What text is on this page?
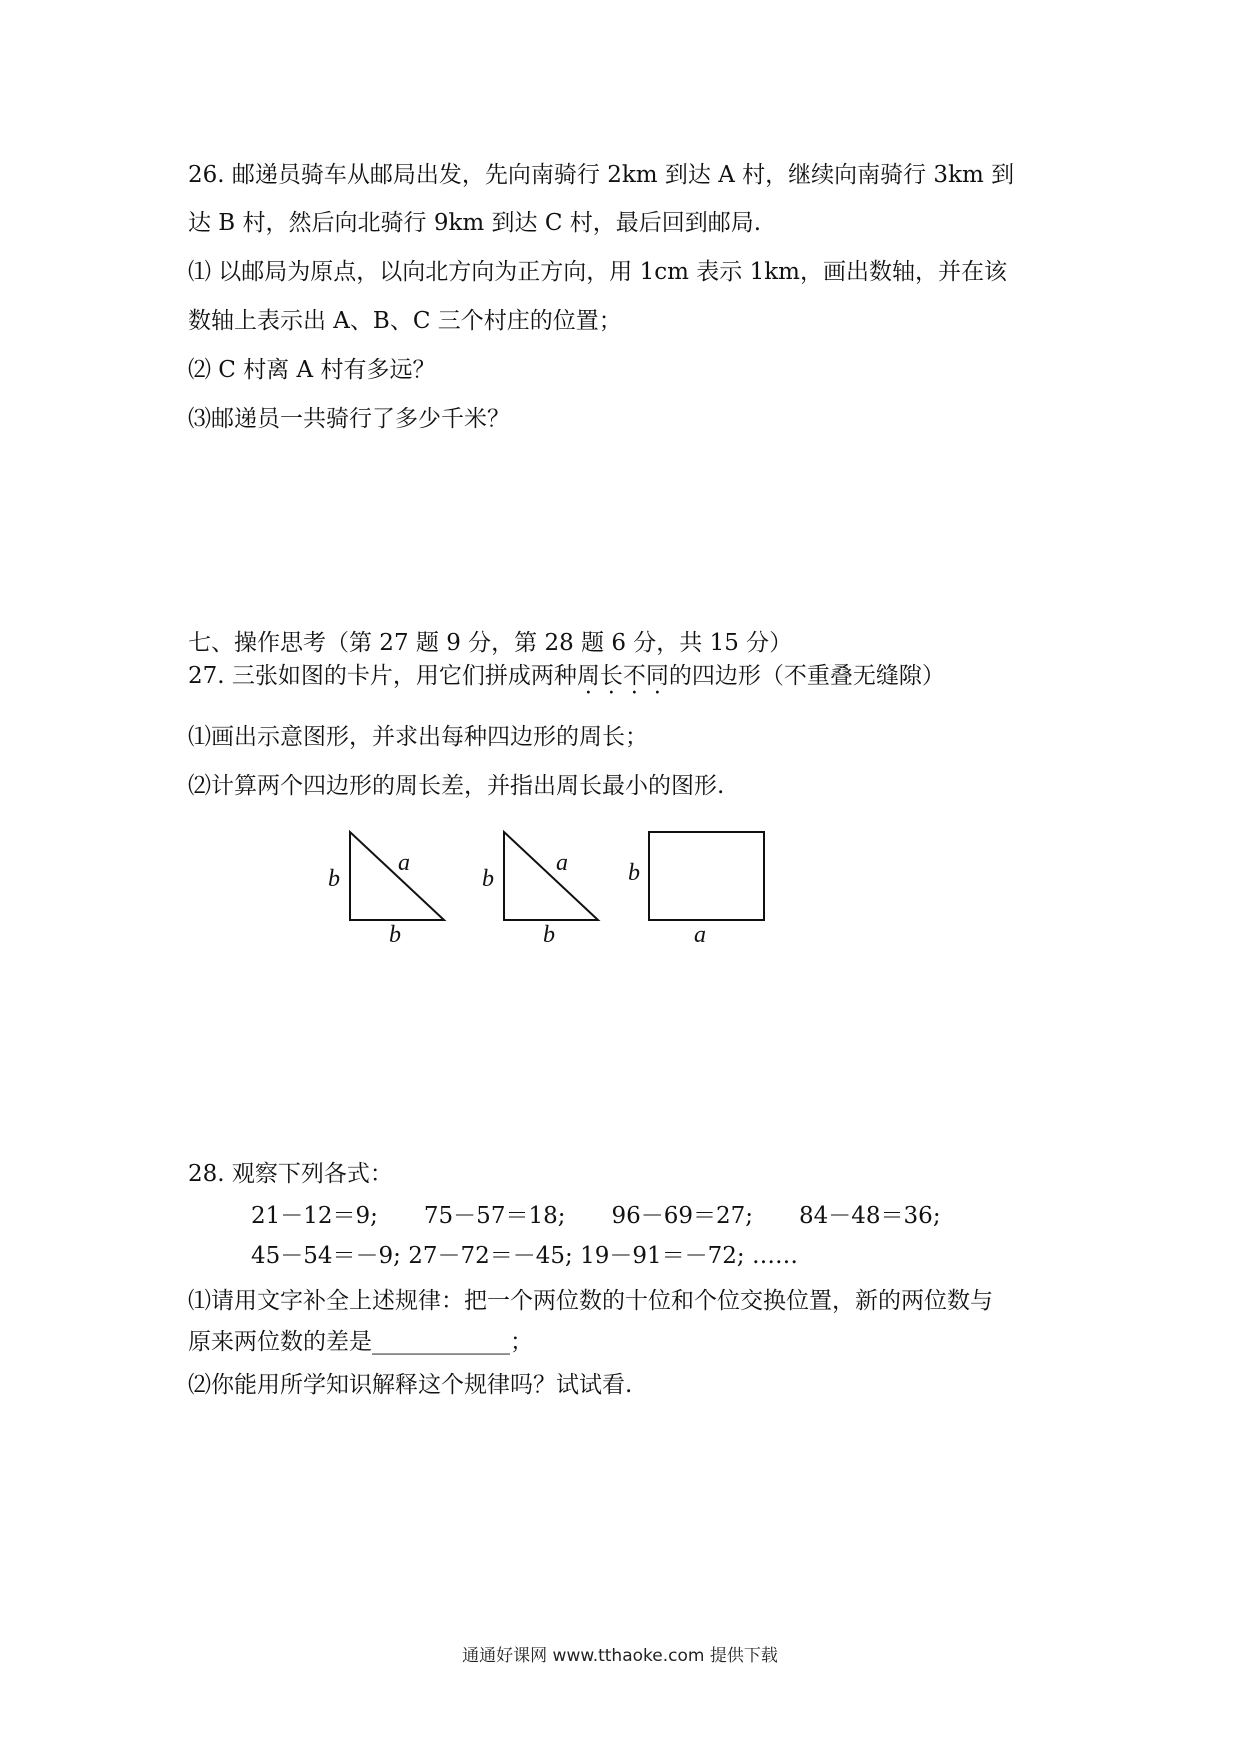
26. 邮递员骑车从邮局出发，先向南骑行 2km 到达 A 村，继续向南骑行 3km 到
达 B 村，然后向北骑行 9km 到达 C 村，最后回到邮局.
⑴ 以邮局为原点，以向北方向为正方向，用 1cm 表示 1km，画出数轴，并在该
数轴上表示出 A、B、C 三个村庄的位置；
⑵ C 村离 A 村有多远？
⑶邮递员一共骑行了多少千米？
七、操作思考（第 27 题 9 分，第 28 题 6 分，共 15 分）
27. 三张如图的卡片，用它们拼成两种周长不同的四边形（不重叠无缝隙）
⑴画出示意图形，并求出每种四边形的周长；
⑵计算两个四边形的周长差，并指出周长最小的图形.
a
b
b
a
b
b
b
a
28. 观察下列各式：
21－12＝9;　　75－57＝18;　　96－69＝27;　　84－48＝36;
45－54＝－9; 27－72＝－45; 19－91＝－72; ……
⑴请用文字补全上述规律：把一个两位数的十位和个位交换位置，新的两位数与
原来两位数的差是____________；
⑵你能用所学知识解释这个规律吗？试试看.
通通好课网 www.tthaoke.com 提供下载
